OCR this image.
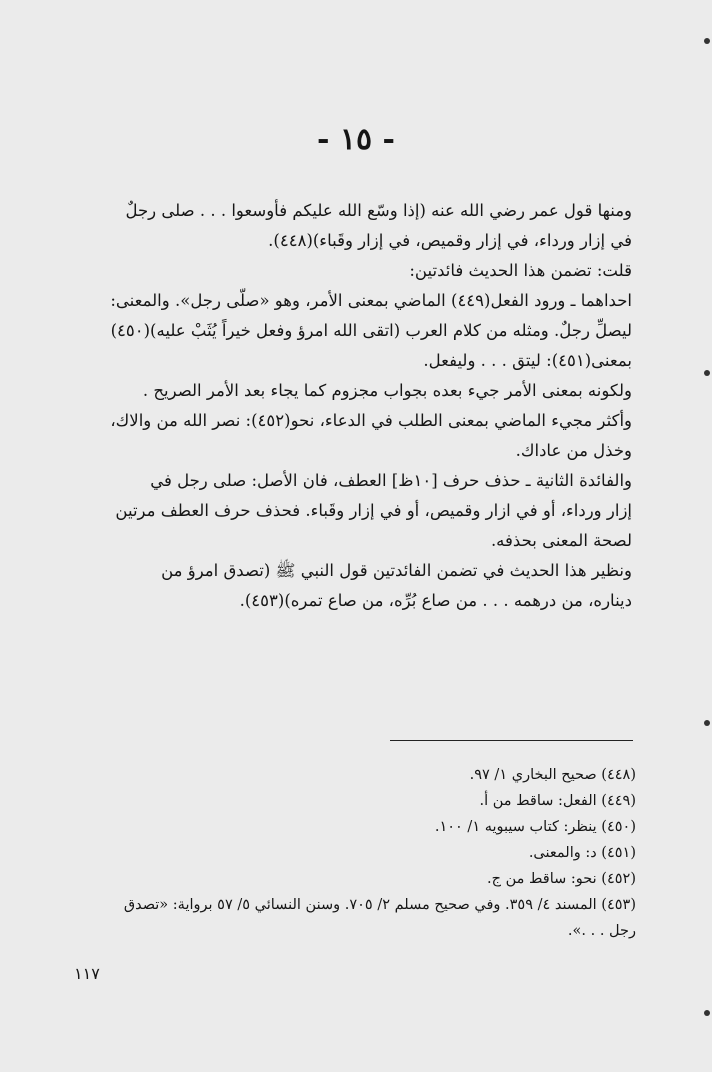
- ١٥ -
ومنها قول عمر رضي الله عنه (إذا وسّع الله عليكم فأوسعوا . . . صلى رجلٌ
في إزار ورداء، في إزار وقميص، في إزار وقَباء)(٤٤٨).
قلت: تضمن هذا الحديث فائدتين:
احداهما ـ ورود الفعل(٤٤٩) الماضي بمعنى الأمر، وهو «صلّى رجل». والمعنى:
ليصلِّ رجلٌ. ومثله من كلام العرب (اتقى الله امرؤ وفعل خيراً يُثَبْ عليه)(٤٥٠)
بمعنى(٤٥١): ليتق . . . وليفعل.
ولكونه بمعنى الأمر جيء بعده بجواب مجزوم كما يجاء بعد الأمر الصريح .
وأكثر مجيء الماضي بمعنى الطلب في الدعاء، نحو(٤٥٢): نصر الله من والاك،
وخذل من عاداك.
والفائدة الثانية ـ حذف حرف [١٠ظ] العطف، فان الأصل: صلى رجل في
إزار ورداء، أو في ازار وقميص، أو في إزار وقَباء. فحذف حرف العطف مرتين
لصحة المعنى بحذفه.
ونظير هذا الحديث في تضمن الفائدتين قول النبي ﷺ (تصدق امرؤ من
ديناره، من درهمه . . . من صاع بُرِّه، من صاع تمره)(٤٥٣).
(٤٤٨) صحيح البخاري ١/ ٩٧.
(٤٤٩) الفعل: ساقط من أ.
(٤٥٠) ينظر: كتاب سيبويه ١/ ١٠٠.
(٤٥١) د: والمعنى.
(٤٥٢) نحو: ساقط من ج.
(٤٥٣) المسند ٤/ ٣٥٩. وفي صحيح مسلم ٢/ ٧٠٥. وسنن النسائي ٥/ ٥٧ برواية: «تصدق
رجل . . .».
١١٧
